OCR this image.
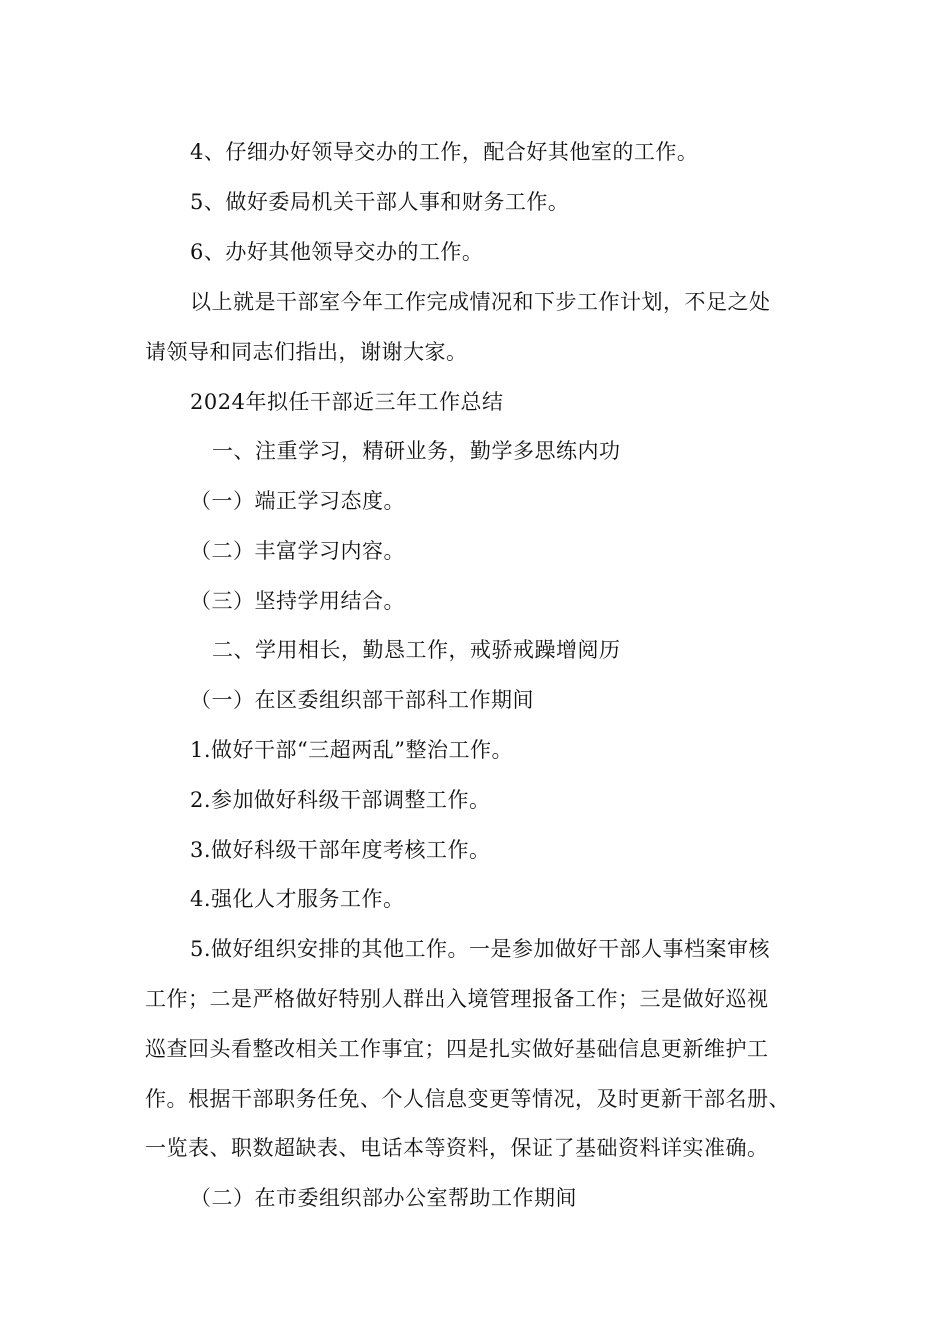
4、仔细办好领导交办的工作，配合好其他室的工作。
5、做好委局机关干部人事和财务工作。
6、办好其他领导交办的工作。
以上就是干部室今年工作完成情况和下步工作计划，不足之处
请领导和同志们指出，谢谢大家。
2024年拟任干部近三年工作总结
一、注重学习，精研业务，勤学多思练内功
（一）端正学习态度。
（二）丰富学习内容。
（三）坚持学用结合。
二、学用相长，勤恳工作，戒骄戒躁增阅历
（一）在区委组织部干部科工作期间
1.做好干部“三超两乱”整治工作。
2.参加做好科级干部调整工作。
3.做好科级干部年度考核工作。
4.强化人才服务工作。
5.做好组织安排的其他工作。一是参加做好干部人事档案审核
工作；二是严格做好特别人群出入境管理报备工作；三是做好巡视
巡查回头看整改相关工作事宜；四是扎实做好基础信息更新维护工
作。根据干部职务任免、个人信息变更等情况，及时更新干部名册、
一览表、职数超缺表、电话本等资料，保证了基础资料详实准确。
（二）在市委组织部办公室帮助工作期间
